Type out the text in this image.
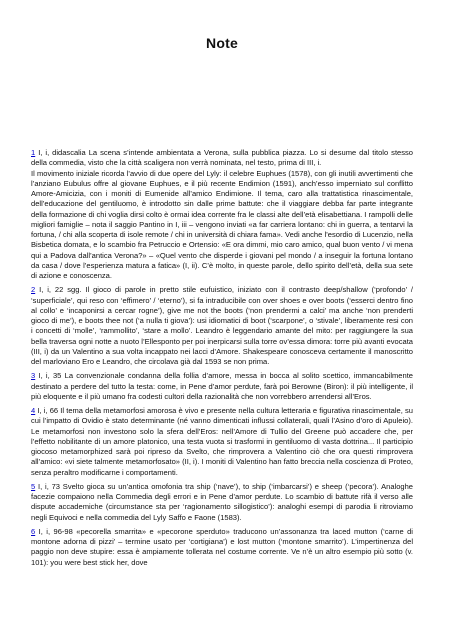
Note

1 I, i, didascalia La scena s’intende ambientata a Verona, sulla pubblica piazza. Lo si desume dal titolo stesso della commedia, visto che la città scaligera non verrà nominata, nel testo, prima di III, i.

Il movimento iniziale ricorda l’avvio di due opere del Lyly: il celebre Euphues (1578), con gli inutili avvertimenti che l’anziano Eubulus offre al giovane Euphues, e il più recente Endimion (1591), anch’esso imperniato sul conflitto Amore-Amicizia, con i moniti di Eumenide all’amico Endimione. Il tema, caro alla trattatistica rinascimentale, dell’educazione del gentiluomo, è introdotto sin dalle prime battute: che il viaggiare debba far parte integrante della formazione di chi voglia dirsi colto è ormai idea corrente fra le classi alte dell’età elisabettiana. I rampolli delle migliori famiglie – nota il saggio Pantino in I, iii – vengono inviati «a far carriera lontano: chi in guerra, a tentarvi la fortuna, / chi alla scoperta di isole remote / chi in università di chiara fama». Vedi anche l’esordio di Lucenzio, nella Bisbetica domata, e lo scambio fra Petruccio e Ortensio: «E ora dimmi, mio caro amico, qual buon vento / vi mena qui a Padova dall’antica Verona?» – «Quel vento che disperde i giovani pel mondo / a inseguir la fortuna lontano da casa / dove l’esperienza matura a fatica» (I, ii). C’è molto, in queste parole, dello spirito dell’età, della sua sete di azione e conoscenza.

2 I, i, 22 sgg. Il gioco di parole in pretto stile eufuistico, iniziato con il contrasto deep/shallow (‘profondo’ / ‘superficiale’, qui reso con ‘effimero’ / ‘eterno’), si fa intraducibile con over shoes e over boots (‘esserci dentro fino al collo’ e ‘incaponirsi a cercar rogne’), give me not the boots (‘non prendermi a calci’ ma anche ‘non prenderti gioco di me’), e boots thee not (‘a nulla ti giova’): usi idiomatici di boot (‘scarpone’, o ‘stivale’, liberamente resi con i concetti di ‘molle’, ‘rammollito’, ‘stare a mollo’. Leandro è leggendario amante del mito: per raggiungere la sua bella traversa ogni notte a nuoto l’Ellesponto per poi inerpicarsi sulla torre ov’essa dimora: torre più avanti evocata (III, i) da un Valentino a sua volta incappato nei lacci d’Amore. Shakespeare conosceva certamente il manoscritto del marloviano Ero e Leandro, che circolava già dal 1593 se non prima.

3 I, i, 35 La convenzionale condanna della follia d’amore, messa in bocca al solito scettico, immancabilmente destinato a perdere del tutto la testa: come, in Pene d’amor perdute, farà poi Berowne (Biron): il più intelligente, il più eloquente e il più umano fra codesti cultori della razionalità che non vorrebbero arrendersi all’Eros.

4 I, i, 66 Il tema della metamorfosi amorosa è vivo e presente nella cultura letteraria e figurativa rinascimentale, su cui l’impatto di Ovidio è stato determinante (né vanno dimenticati influssi collaterali, quali l’Asino d’oro di Apuleio). Le metamorfosi non investono solo la sfera dell’Eros: nell’Amore di Tullio del Greene può accadere che, per l’effetto nobilitante di un amore platonico, una testa vuota si trasformi in gentiluomo di vasta dottrina... Il participio giocoso metamorphized sarà poi ripreso da Svelto, che rimprovera a Valentino ciò che ora questi rimprovera all’amico: «vi siete talmente metamorfosato» (II, i). I moniti di Valentino han fatto breccia nella coscienza di Proteo, senza peraltro modificarne i comportamenti.

5 I, i, 73 Svelto gioca su un’antica omofonia tra ship (‘nave’), to ship (‘imbarcarsi’) e sheep (‘pecora’). Analoghe facezie compaiono nella Commedia degli errori e in Pene d’amor perdute. Lo scambio di battute rifà il verso alle dispute accademiche (circumstance sta per ‘ragionamento sillogistico’): analoghi esempi di parodia li ritroviamo negli Equivoci e nella commedia del Lyly Saffo e Faone (1583).

6 I, i, 96-98 «pecorella smarrita» e «pecorone sperduto» traducono un’assonanza tra laced mutton (‘carne di montone adorna di pizzi’ – termine usato per ‘cortigiana’) e lost mutton (‘montone smarrito’). L’impertinenza del paggio non deve stupire: essa è ampiamente tollerata nel costume corrente. Ve n’è un altro esempio più sotto (v. 101): you were best stick her, dove
